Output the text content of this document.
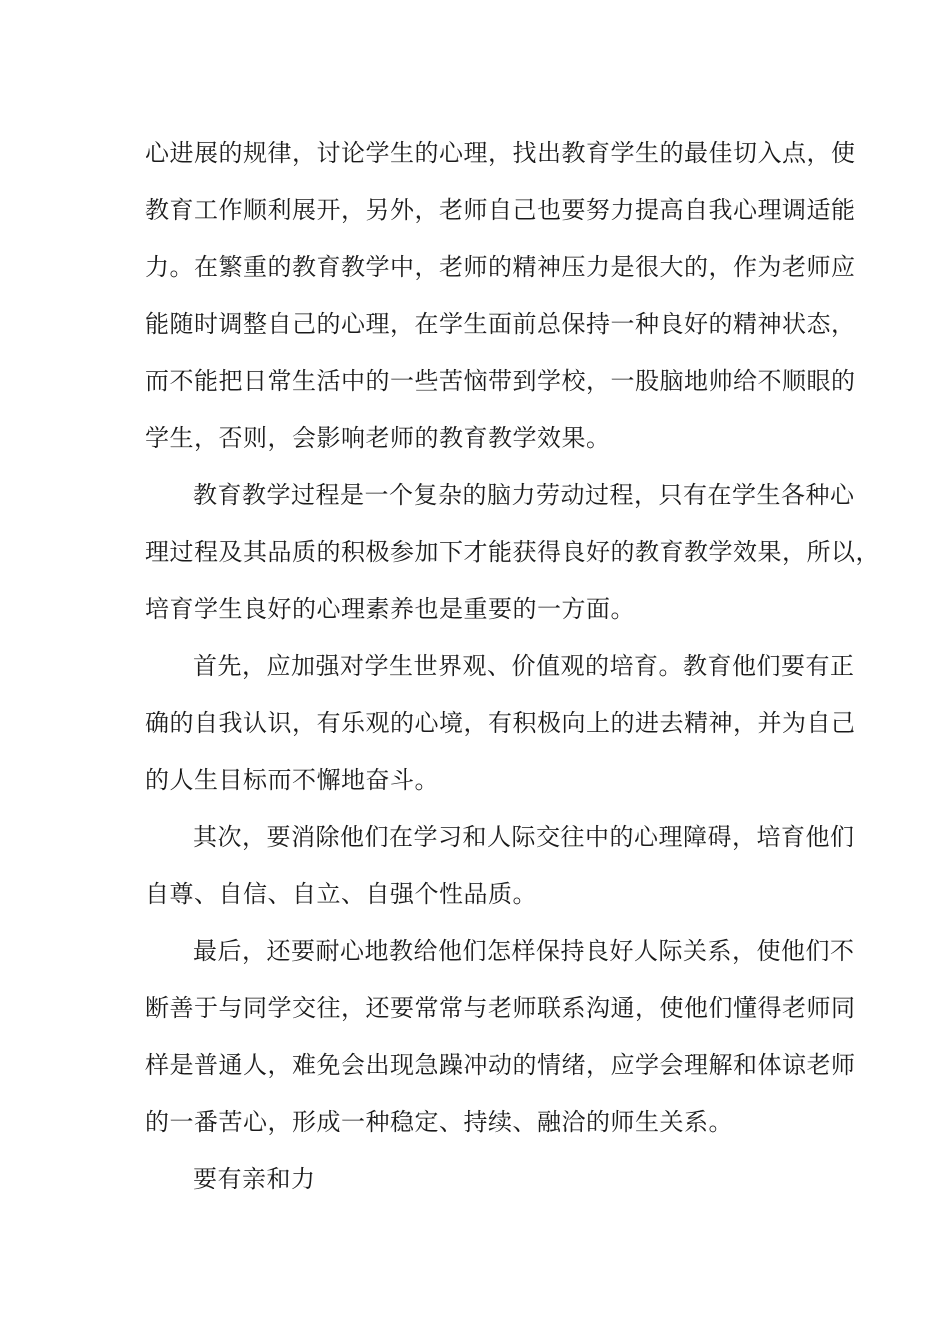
心进展的规律，讨论学生的心理，找出教育学生的最佳切入点，使
教育工作顺利展开，另外，老师自己也要努力提高自我心理调适能
力。在繁重的教育教学中，老师的精神压力是很大的，作为老师应
能随时调整自己的心理，在学生面前总保持一种良好的精神状态，
而不能把日常生活中的一些苦恼带到学校，一股脑地帅给不顺眼的
学生，否则，会影响老师的教育教学效果。

教育教学过程是一个复杂的脑力劳动过程，只有在学生各种心
理过程及其品质的积极参加下才能获得良好的教育教学效果，所以，
培育学生良好的心理素养也是重要的一方面。

首先，应加强对学生世界观、价值观的培育。教育他们要有正
确的自我认识，有乐观的心境，有积极向上的进去精神，并为自己
的人生目标而不懈地奋斗。

其次，要消除他们在学习和人际交往中的心理障碍，培育他们
自尊、自信、自立、自强个性品质。

最后，还要耐心地教给他们怎样保持良好人际关系，使他们不
断善于与同学交往，还要常常与老师联系沟通，使他们懂得老师同
样是普通人，难免会出现急躁冲动的情绪，应学会理解和体谅老师
的一番苦心，形成一种稳定、持续、融洽的师生关系。

要有亲和力
